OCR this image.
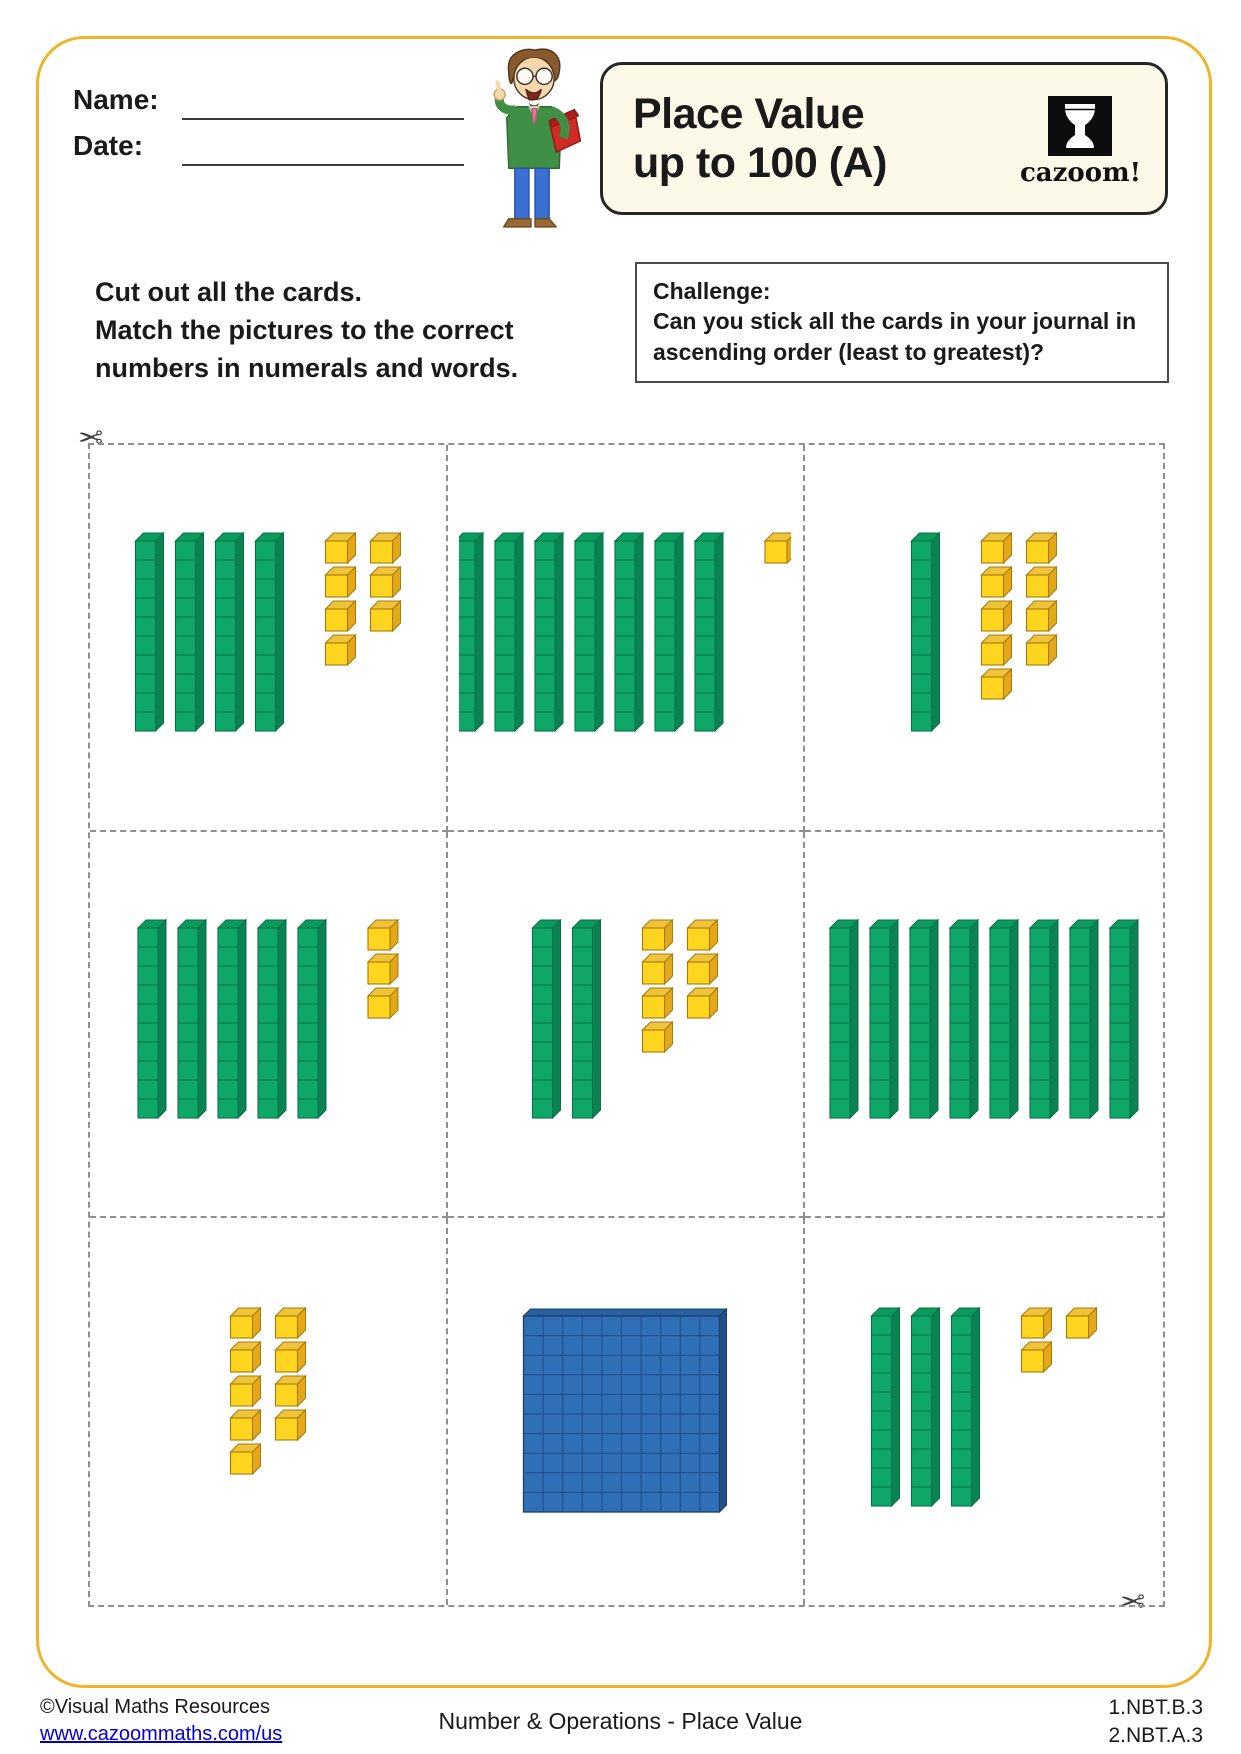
Name:
Date:
Place Value
up to 100 (A)	cazoom!

Cut out all the cards.

Match the pictures to the correct numbers in numerals and words.

Challenge:
Can you stick all the cards in your journal in ascending order (least to greatest)?
✂
✂
©Visual Maths Resources
www.cazoommaths.com/us	Number & Operations - Place Value
1.NBT.B.3
2.NBT.A.3
